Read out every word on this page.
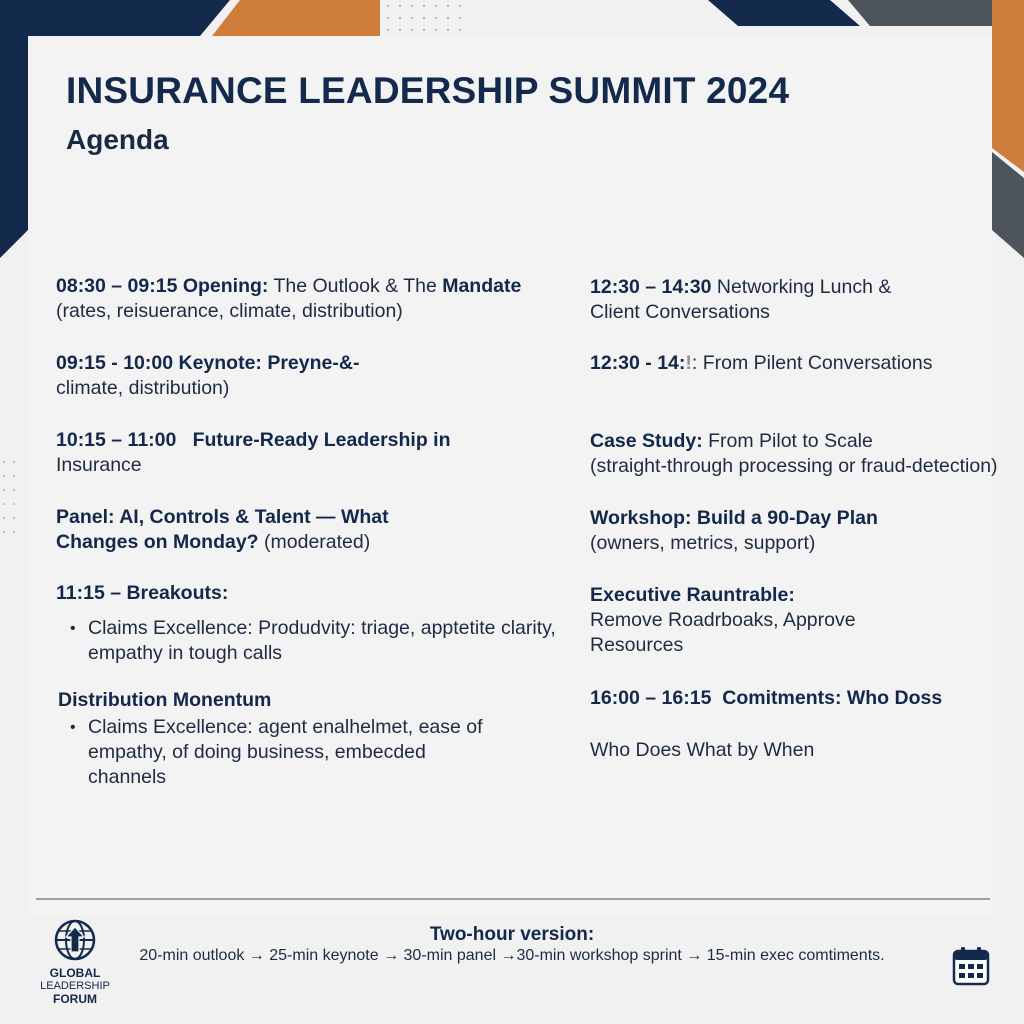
INSURANCE LEADERSHIP SUMMIT 2024
Agenda
08:30 – 09:15 Opening: The Outlook & The Mandate
(rates, reisuerance, climate, distribution)
09:15 - 10:00 Keynote: Preyne-&-
climate, distribution)
10:15 – 11:00   Future-Ready Leadership in
Insurance
Panel: AI, Controls & Talent — What
Changes on Monday? (moderated)
11:15 – Breakouts:
• Claims Excellence: Produdvity: triage, apptetite clarity,
empathy in tough calls
Distribution Monentum
• Claims Excellence: agent enalhelmet, ease of
empathy, of doing business, embecded
channels
12:30 – 14:30 Networking Lunch &
Client Conversations
12:30 - 14:!: From Pilent Conversations
Case Study: From Pilot to Scale
(straight-through processing or fraud-detection)
Workshop: Build a 90-Day Plan
(owners, metrics, support)
Executive Rauntrable:
Remove Roadrboaks, Approve
Resources
16:00 – 16:15  Comitments: Who Doss
Who Does What by When
GLOBAL
LEADERSHIP
FORUM
Two-hour version:
20-min outlook → 25-min keynote → 30-min panel →30-min workshop sprint → 15-min exec comtiments.
